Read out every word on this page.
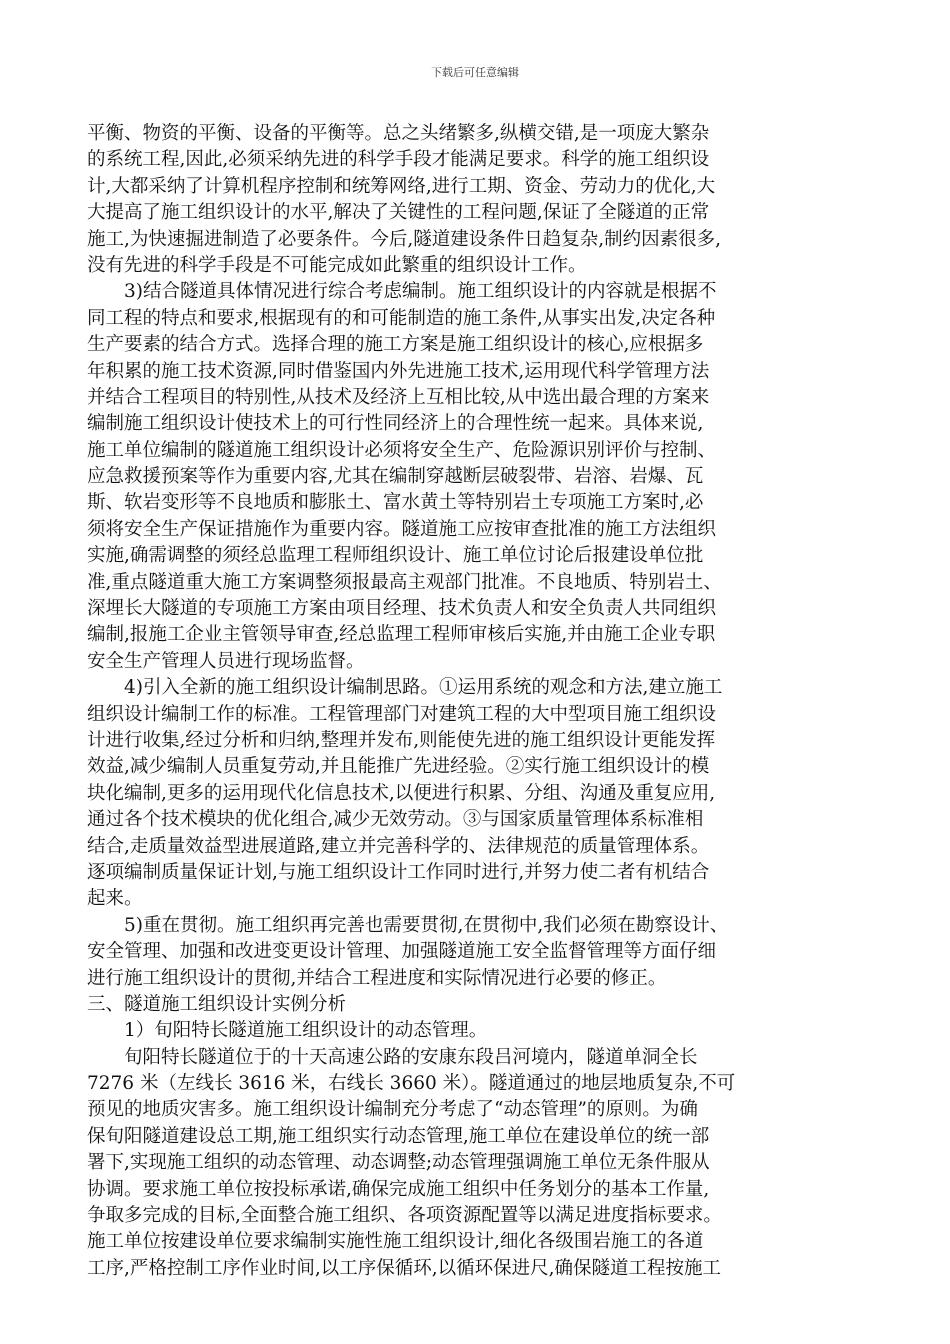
下载后可任意编辑
平衡、物资的平衡、设备的平衡等。总之头绪繁多,纵横交错,是一项庞大繁杂
的系统工程,因此,必须采纳先进的科学手段才能满足要求。科学的施工组织设
计,大都采纳了计算机程序控制和统筹网络,进行工期、资金、劳动力的优化,大
大提高了施工组织设计的水平,解决了关键性的工程问题,保证了全隧道的正常
施工,为快速掘进制造了必要条件。今后,隧道建设条件日趋复杂,制约因素很多,
没有先进的科学手段是不可能完成如此繁重的组织设计工作。
3)结合隧道具体情况进行综合考虑编制。施工组织设计的内容就是根据不
同工程的特点和要求,根据现有的和可能制造的施工条件,从事实出发,决定各种
生产要素的结合方式。选择合理的施工方案是施工组织设计的核心,应根据多
年积累的施工技术资源,同时借鉴国内外先进施工技术,运用现代科学管理方法
并结合工程项目的特别性,从技术及经济上互相比较,从中选出最合理的方案来
编制施工组织设计使技术上的可行性同经济上的合理性统一起来。具体来说,
施工单位编制的隧道施工组织设计必须将安全生产、危险源识别评价与控制、
应急救援预案等作为重要内容,尤其在编制穿越断层破裂带、岩溶、岩爆、瓦
斯、软岩变形等不良地质和膨胀土、富水黄土等特别岩土专项施工方案时,必
须将安全生产保证措施作为重要内容。隧道施工应按审查批准的施工方法组织
实施,确需调整的须经总监理工程师组织设计、施工单位讨论后报建设单位批
准,重点隧道重大施工方案调整须报最高主观部门批准。不良地质、特别岩土、
深埋长大隧道的专项施工方案由项目经理、技术负责人和安全负责人共同组织
编制,报施工企业主管领导审查,经总监理工程师审核后实施,并由施工企业专职
安全生产管理人员进行现场监督。
4)引入全新的施工组织设计编制思路。①运用系统的观念和方法,建立施工
组织设计编制工作的标准。工程管理部门对建筑工程的大中型项目施工组织设
计进行收集,经过分析和归纳,整理并发布,则能使先进的施工组织设计更能发挥
效益,减少编制人员重复劳动,并且能推广先进经验。②实行施工组织设计的模
块化编制,更多的运用现代化信息技术,以便进行积累、分组、沟通及重复应用,
通过各个技术模块的优化组合,减少无效劳动。③与国家质量管理体系标准相
结合,走质量效益型进展道路,建立并完善科学的、法律规范的质量管理体系。
逐项编制质量保证计划,与施工组织设计工作同时进行,并努力使二者有机结合
起来。
5)重在贯彻。施工组织再完善也需要贯彻,在贯彻中,我们必须在勘察设计、
安全管理、加强和改进变更设计管理、加强隧道施工安全监督管理等方面仔细
进行施工组织设计的贯彻,并结合工程进度和实际情况进行必要的修正。
三、隧道施工组织设计实例分析
1）旬阳特长隧道施工组织设计的动态管理。
旬阳特长隧道位于的十天高速公路的安康东段吕河境内，隧道单洞全长
7276 米（左线长 3616 米，右线长 3660 米）。隧道通过的地层地质复杂,不可
预见的地质灾害多。施工组织设计编制充分考虑了“动态管理”的原则。为确
保旬阳隧道建设总工期,施工组织实行动态管理,施工单位在建设单位的统一部
署下,实现施工组织的动态管理、动态调整;动态管理强调施工单位无条件服从
协调。要求施工单位按投标承诺,确保完成施工组织中任务划分的基本工作量,
争取多完成的目标,全面整合施工组织、各项资源配置等以满足进度指标要求。
施工单位按建设单位要求编制实施性施工组织设计,细化各级围岩施工的各道
工序,严格控制工序作业时间,以工序保循环,以循环保进尺,确保隧道工程按施工
